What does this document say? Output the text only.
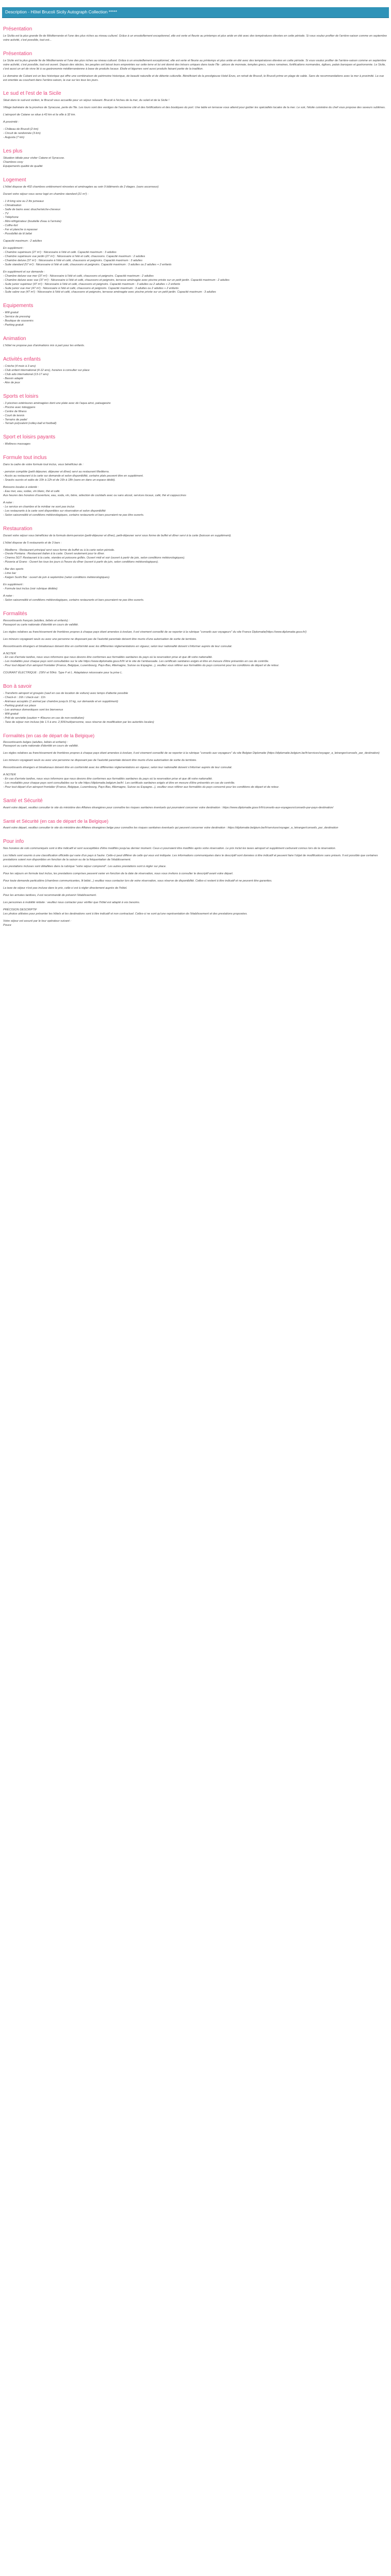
Description - Hôtel Brucoli Sicily Autograph Collection *****
Présentation

Le Sicilia est la plus grande île de Méditerranée et l'une des plus riches au niveau culturel. Grâce à un ensoleillement exceptionnel, elle est verte et fleurie au printemps et plus aride en été avec des températures élevées en cette période. Si vous voulez profiter de l'arrière-saison comme en septembre votre activité, c'est possible, tout est...

Présentation

Le Sicile est la plus grande île de Méditerranée et l'une des plus riches au niveau culturel. Grâce à un ensoleillement exceptionnel, elle est verte et fleurie au printemps et plus aride en été avec des températures élevées en cette période. Si vous voulez profiter de l'arrière-saison comme en septembre votre activité, c'est possible, tout est ouvert. Depuis des siècles, les peuples ont laissé leurs empreintes sur cette terre et lui ont donné des trésors uniques dans toute l'île : pièces de monnaie, temples grecs, ruines romaines, fortifications normandes, églises, palais baroques et gastronomie. Le Sicile, c'est aussi un art de vivre lié à sa gastronomie méditerranéenne à base de produits locaux. Étoile et légumes sont aussi produits faisant partie de la tradition.

Le domaine de Cubani est un lieu historique qui offre une combinaison de patrimoine historique, de beauté naturelle et de détente culturelle. Bénéficiant de la prestigieuse Hotel Enzo, en retrait de Brucoli, le Brucoli prime en plage de sable. Sans de recommandations avec la mer à proximité. La vue est orientée au couchant dans l'arrière-saison, la vue sur les tous les jours.

Le sud et l'est de la Sicile

Situé dans le sud-est sicilien, le Brucoli vous accueille pour un séjour relaxant. Brucoli à l'écheu de la mer, du soleil et de la Sicile !

Village balnéaire de la province de Syracuse, perle de l'île. Les tours sont des vestiges de l'ancienne cité et des fortifications et des boutiques du port. Une table en terrasse vous attend pour goûter les spécialités locales de la mer. Le soir, l'étoile cuisinière du chef vous propose des saveurs sublimes.

L'aéroport de Catane se situe à 43 km et la ville à 32 km.

A proximité :

- Château de Brucoli (2 km)
- Circuit de randonnée (3 km)
- Augusta (7 km)

Les plus

Situation idéale pour visiter Catane et Syracuse.
Chambres cosy
Equipements qualité de qualité

Logement

L'hôtel dispose de 402 chambres entièrement rénovées et aménagées au sein 9 bâtiments de 2 étages. (sans ascenseur)

Durant votre séjour vous serez logé en chambre standard (21 m²) :

- 1 lit king size ou 2 lits jumeaux
- Climatisation
- Salle de bains avec douche/sèche-cheveux
- TV
- Téléphone
- Mini-réfrigérateur (boutielle d'eau à l'arrivée)
- Coffre-fort
- Fer et planche à repasser
- Possibilité de lit bébé

Capacité maximum : 2 adultes

En supplément :
- Chambre supérieure (27 m²) : Nécessaire à l'été et café. Capacité maximum : 3 adultes
- Chambre supérieure vue jardin (27 m²) : Nécessaire à l'été et café, chaussons. Capacité maximum : 2 adultes
- Chambre deluxe (37 m²) : Nécessaire à l'été et café, chaussons et peignoirs. Capacité maximum : 3 adultes
- Suite standard (57 m²) : Nécessaire à l'été et café, chaussons et peignoirs. Capacité maximum : 3 adultes ou 2 adultes + 2 enfants

En supplément et sur demande :
- Chambre deluxe vue mer (37 m²) : Nécessaire à l'été et café, chaussons et peignoirs. Capacité maximum : 2 adultes
- Chambre deluxe avec vue (37 m²) : Nécessaire à l'été et café, chaussons et peignoirs, terrasse aménagée avec piscine privée sur un petit jardin. Capacité maximum : 2 adultes
- Suite junior supérieur (47 m²) : Nécessaire à l'été et café, chaussons et peignoirs. Capacité maximum : 3 adultes ou 2 adultes + 2 enfants
- Suite junior vue mer (47 m²) : Nécessaire à l'été et café, chaussons et peignoirs. Capacité maximum : 3 adultes ou 2 adultes + 2 enfants
- Suite sabre vue (47 m²) : Nécessaire à l'été et café, chaussons et peignoirs, terrasse aménagée avec piscine privée sur un petit jardin. Capacité maximum : 3 adultes

Equipements

- Wifi gratuit
- Service de pressing
- Boutique de souvenirs
- Parking gratuit

Animation

L'hôtel ne propose pas d'animations mis à part pour les enfants.

Activités enfants

- Crèche (4 mois à 3 ans)
- Club enfant international (4-12 ans), horaires à consulter sur place
- Club ado international (13-17 ans)
- Bassin adapté
- Aire de jeux

Sports et loisirs

- 3 piscines extérieures aménagées dont une plate avec de l'aqua ainsi, pataugeoire
- Piscine avec toboggans
- Centre de fitness
- Court de tennis
- Terrains de padel
- Terrain polyvalent (volley-ball et football)

Sport et loisirs payants

- Wellness massages

Formule tout inclus

Dans la cadre de votre formule tout inclus, vous bénéficiez de :

- pension complète (petit déjeuner, déjeuner et dîner) servi au restaurant Mediterra.
- Accès au restaurant à la carte sur demande et selon disponibilité, certains plats peuvent être en supplément.
- Snacks sucrés et salés de 10h à 12h et de 16h à 18h (sans en dans un espace dédié).

Boissons locales à volonté :
- Eau mer, eau, sodas, vin blanc, thé et café.
Aux heures des horaires d'ouverture, eau, soda, vin, bière, sélection de cocktails avec ou sans alcool, services locaux, café, thé et cappuccinos

A noter :
- Le service en chambre et le minibar ne sont pas inclus
- Les restaurants à la carte sont disponibles sur réservation et selon disponibilité
- Selon saisonnalité et conditions météorologiques, certains restaurants et bars pourraient ne pas être ouverts.

Restauration

Durant votre séjour vous bénéficiez de la formule demi-pension (petit-déjeuner et dîner), petit-déjeuner servi sous forme de buffet et dîner servi à la carte (boisson en supplément).

L'hôtel dispose de 5 restaurants et de 3 bars :

- Mediterra : Restaurant principal servi sous forme de buffet ou à la carte selon période.
- Oreste Pontana : Restaurant italien à la carte. Ouvert seulement pour le dîner.
- Cinema SGT: Restaurant à la carte, viandes et poissons grillés. Ouvert midi et soir (ouvert à partir de juin, selon conditions météorologiques).
- Pizzeria al Grano : Ouvert les tous les jours à l'heure du dîner (ouvert à partir de juin, selon conditions météorologiques).

- Bar des sports
- Lime bar
- Kaigen Sushi Bar : ouvert de juin à septembre (selon conditions météorologiques).

En supplément :
- Formule tout inclus (voir rubrique dédiée)

A noter :
- Selon saisonnalité et conditions météorologiques, certains restaurants et bars pourraient ne pas être ouverts.

Formalités

Ressortissants français (adultes, bébés et enfants) :
Passeport ou carte nationale d'identité en cours de validité.

Les règles relatives au franchissement de frontières propres à chaque pays étant amenées à évoluer, il est vivement conseillé de se reporter à la rubrique "conseils aux voyageurs" du site France Diplomatie(https://www.diplomatie.gouv.fr/)

Les mineurs voyageant seuls ou avec une personne ne disposant pas de l'autorité parentale doivent être munis d'une autorisation de sortie de territoire.

Ressortissants étrangers et binationaux doivent être en conformité avec les différentes réglementations en vigueur, selon leur nationalité doivent s'informer auprès de leur consulat.

A NOTER
- En cas d'arrivée tardive, nous vous informons que nous devons être conformes aux formalités sanitaires du pays où la reservation prise et que dit votre nationalité.
- Les modalités pour chaque pays sont consultables sur le site https://www.diplomatie.gouv.fr/fr/ et le site de l'ambassade. Les certificats sanitaires exigés et être en mesure d'être présentés en cas de contrôle.
- Pour tout départ d'un aéroport frontalier (France, Belgique, Luxembourg, Pays-Bas, Allemagne, Suisse ou Espagne...), veuillez vous référer aux formalités du pays concerné pour les conditions de départ et de retour.

COURANT ÉLECTRIQUE : 230V et 50Hz. Type F et L. Adaptateur nécessaire pour la prise L.

Bon à savoir

- Transferts aéroport et groupés (sauf en cas de location de voiture) avec temps d'attente possible
- Check-in : 16h / check-out : 11h
- Animaux acceptés (1 animal par chambre jusqu'à 10 kg, sur demande et en supplément)
- Parking gratuit sur place
- Les animaux domestiques sont les bienvenus
- Wifi gratuit
- Prêt de serviette (caution = 40euros en cas de non-restitution)
- Taxe de séjour non incluse (de 1.5 à env. 2,50€/nuit/personne, sous réserve de modification par les autorités locales)

Formalités (en cas de départ de la Belgique)

Ressortissants belges (adultes, bébés et enfants) :
Passeport ou carte nationale d'identité en cours de validité.

Les règles relatives au franchissement de frontières propres à chaque pays étant amenées à évoluer, il est vivement conseillé de se reporter à la rubrique "conseils aux voyageurs" du site Belgian Diplomatie (https://diplomatie.belgium.be/fr/services/voyager_a_letranger/conseils_par_destination)

Les mineurs voyageant seuls ou avec une personne ne disposant pas de l'autorité parentale doivent être munis d'une autorisation de sortie du territoire.

Ressortissants étrangers et binationaux doivent être en conformité avec les différentes réglementations en vigueur, selon leur nationalité doivent s'informer auprès de leur consulat.

A NOTER
- En cas d'arrivée tardive, nous vous informons que nous devons être conformes aux formalités sanitaires du pays où la reservation prise et que dit votre nationalité.
- Les modalités pour chaque pays sont consultables sur le site https://diplomatie.belgium.be/fr/. Les certificats sanitaires exigés et être en mesure d'être présentés en cas de contrôle.
- Pour tout départ d'un aéroport frontalier (France, Belgique, Luxembourg, Pays-Bas, Allemagne, Suisse ou Espagne...), veuillez vous référer aux formalités du pays concerné pour les conditions de départ et de retour.

Santé et Sécurité

Avant votre départ, veuillez consulter le site du ministère des Affaires étrangères pour connaître les risques sanitaires éventuels qui pourraient concerner votre destination : https://www.diplomatie.gouv.fr/fr/conseils-aux-voyageurs/conseils-par-pays-destination/

Santé et Sécurité (en cas de départ de la Belgique)

Avant votre départ, veuillez consulter le site du ministère des Affaires étrangères belge pour connaître les risques sanitaires éventuels qui peuvent concerner votre destination : https://diplomatie.belgium.be/fr/services/voyager_a_letranger/conseils_par_destination

Pour info

Nos horaires de vols communiqués sont à titre indicatif et sont susceptibles d'être modifiés jusqu'au dernier moment. Ceux-ci pourraient être modifiés après votre réservation. Le prix inclut les taxes aéroport et supplément carburant connus lors de la réservation.

Les hôtels sont soumis à une classification officielle qui varie d'un pays à l'autre. Celle-ci peut différer de celle qui vous est indiquée. Les informations communiquées dans le descriptif sont données à titre indicatif et peuvent faire l'objet de modifications sans préavis. Il est possible que certaines prestations soient non disponibles en fonction de la saison ou de la fréquentation de l'établissement.

Les prestations incluses sont détaillées dans la rubrique "votre séjour comprend". Les autres prestations sont à régler sur place.

Pour les séjours en formule tout inclus, les prestations comprises peuvent varier en fonction de la date de réservation, nous vous invitons à consulter le descriptif avant votre départ.

Pour toute demande particulière (chambres communicantes, lit bébé...) veuillez nous contacter lors de votre réservation, sous réserve de disponibilité. Celles-ci restent à titre indicatif et ne peuvent être garanties.

La taxe de séjour n'est pas incluse dans le prix, celle-ci est à régler directement auprès de l'hôtel.

Pour les arrivées tardives, il est recommandé de prévenir l'établissement.

Les personnes à mobilité réduite : veuillez nous contacter pour vérifier que l'hôtel est adapté à vos besoins.

PRÉCISION DESCRIPTIF
Les photos utilisées pour présenter les hôtels et les destinations sont à titre indicatif et non contractuel. Celles-ci ne sont qu'une représentation de l'établissement et des prestations proposées.

Votre séjour est assuré par le tour opérateur suivant :
Pouce
